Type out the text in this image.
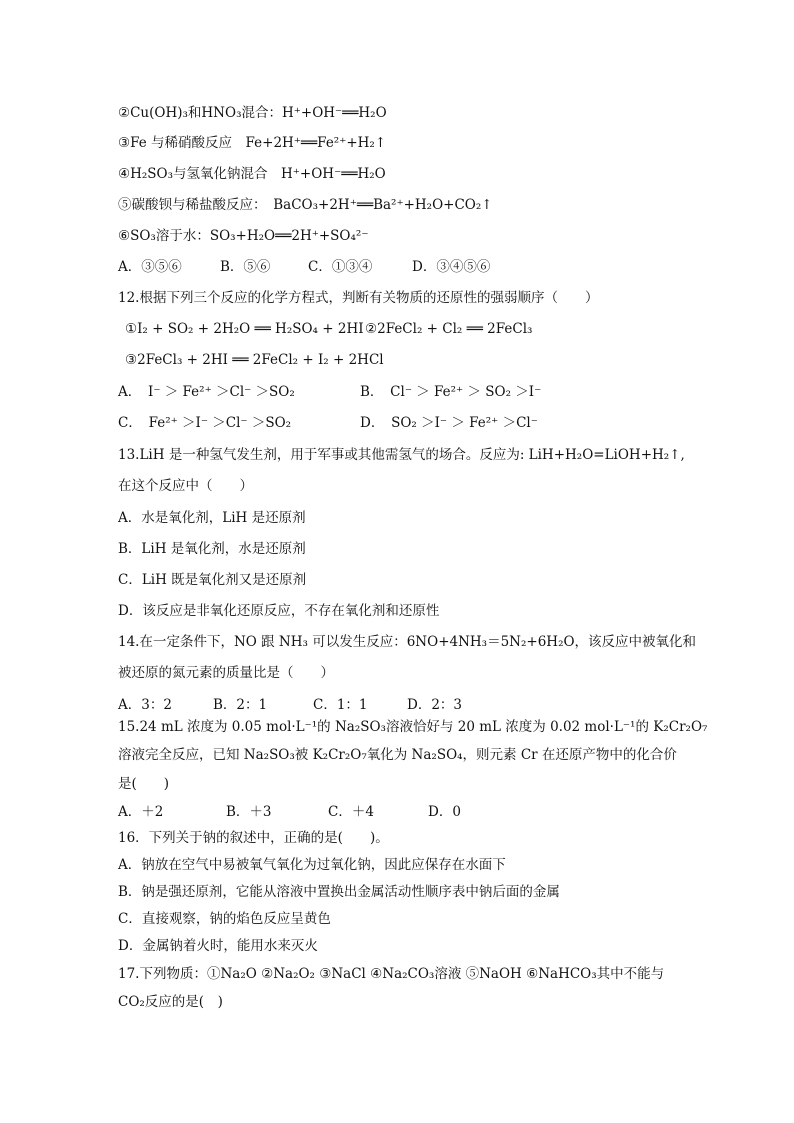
②Cu(OH)₃和HNO₃混合：H⁺+OH⁻══H₂O
③Fe 与稀硝酸反应　Fe+2H⁺══Fe²⁺+H₂↑
④H₂SO₃与氢氧化钠混合　H⁺+OH⁻══H₂O
⑤碳酸钡与稀盐酸反应：　BaCO₃+2H⁺══Ba²⁺+H₂O+CO₂↑
⑥SO₃溶于水：SO₃+H₂O══2H⁺+SO₄²⁻
A．③⑤⑥	B．⑤⑥	C．①③④	D．③④⑤⑥
12.根据下列三个反应的化学方程式，判断有关物质的还原性的强弱顺序（　　）
①I₂ + SO₂ + 2H₂O ══ H₂SO₄ + 2HI ②2FeCl₂ + Cl₂ ══ 2FeCl₃
③2FeCl₃ + 2HI ══ 2FeCl₂ + I₂ + 2HCl
A．　I⁻ ＞ Fe²⁺ ＞Cl⁻ ＞SO₂	B．　Cl⁻ ＞ Fe²⁺ ＞ SO₂ ＞I⁻
C．　Fe²⁺ ＞I⁻ ＞Cl⁻ ＞SO₂	D．　SO₂ ＞I⁻ ＞ Fe²⁺ ＞Cl⁻
13.LiH 是一种氢气发生剂，用于军事或其他需氢气的场合。反应为: LiH+H₂O=LiOH+H₂↑,
在这个反应中（　　）
A．水是氧化剂，LiH 是还原剂
B．LiH 是氧化剂，水是还原剂
C．LiH 既是氧化剂又是还原剂
D．该反应是非氧化还原反应，不存在氧化剂和还原性
14.在一定条件下，NO 跟 NH₃ 可以发生反应：6NO+4NH₃＝5N₂+6H₂O，该反应中被氧化和
被还原的氮元素的质量比是（　　）
A．3：2	B．2：1	C．1：1	D．2：3
15.24 mL 浓度为 0.05 mol·L⁻¹的 Na₂SO₃溶液恰好与 20 mL 浓度为 0.02 mol·L⁻¹的 K₂Cr₂O₇
溶液完全反应，已知 Na₂SO₃被 K₂Cr₂O₇氧化为 Na₂SO₄，则元素 Cr 在还原产物中的化合价
是(　　)
A．＋2	B．＋3	C．＋4	D．0
16．下列关于钠的叙述中，正确的是(　　)。
A．钠放在空气中易被氧气氧化为过氧化钠，因此应保存在水面下
B．钠是强还原剂，它能从溶液中置换出金属活动性顺序表中钠后面的金属
C．直接观察，钠的焰色反应呈黄色
D．金属钠着火时，能用水来灭火
17.下列物质：①Na₂O ②Na₂O₂ ③NaCl ④Na₂CO₃溶液 ⑤NaOH ⑥NaHCO₃其中不能与
CO₂反应的是(　)
